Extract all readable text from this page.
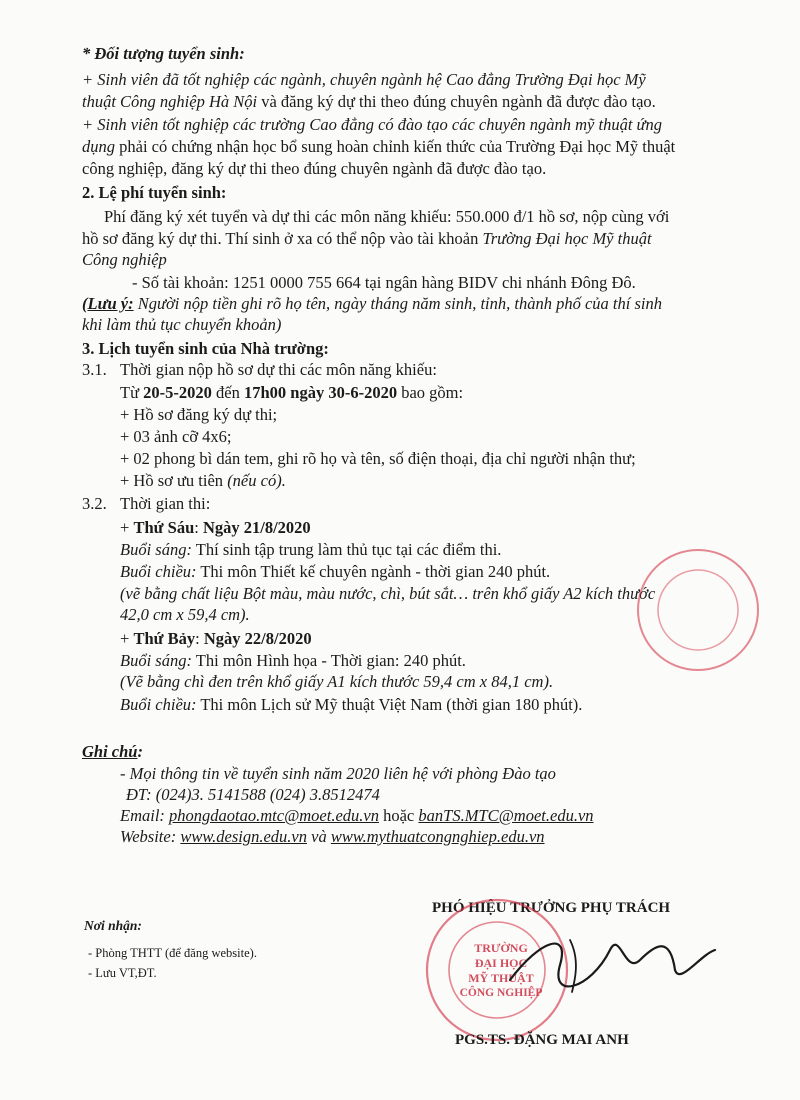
* Đối tượng tuyển sinh:
+ Sinh viên đã tốt nghiệp các ngành, chuyên ngành hệ Cao đẳng Trường Đại học Mỹ
thuật Công nghiệp Hà Nội và đăng ký dự thi theo đúng chuyên ngành đã được đào tạo.
+ Sinh viên tốt nghiệp các trường Cao đẳng có đào tạo các chuyên ngành mỹ thuật ứng
dụng phải có chứng nhận học bổ sung hoàn chỉnh kiến thức của Trường Đại học Mỹ thuật
công nghiệp, đăng ký dự thi theo đúng chuyên ngành đã được đào tạo.
2. Lệ phí tuyển sinh:
Phí đăng ký xét tuyển và dự thi các môn năng khiếu: 550.000 đ/1 hồ sơ, nộp cùng với
hồ sơ đăng ký dự thi. Thí sinh ở xa có thể nộp vào tài khoản Trường Đại học Mỹ thuật
Công nghiệp
- Số tài khoản: 1251 0000 755 664 tại ngân hàng BIDV chi nhánh Đông Đô.
(Lưu ý: Người nộp tiền ghi rõ họ tên, ngày tháng năm sinh, tỉnh, thành phố của thí sinh
khi làm thủ tục chuyển khoản)
3. Lịch tuyển sinh của Nhà trường:
3.1. Thời gian nộp hồ sơ dự thi các môn năng khiếu:
Từ 20-5-2020 đến 17h00 ngày 30-6-2020 bao gồm:
+ Hồ sơ đăng ký dự thi;
+ 03 ảnh cỡ 4x6;
+ 02 phong bì dán tem, ghi rõ họ và tên, số điện thoại, địa chỉ người nhận thư;
+ Hồ sơ ưu tiên (nếu có).
3.2. Thời gian thi:
+ Thứ Sáu: Ngày 21/8/2020
Buổi sáng: Thí sinh tập trung làm thủ tục tại các điểm thi.
Buổi chiều: Thi môn Thiết kế chuyên ngành - thời gian 240 phút.
(vẽ bằng chất liệu Bột màu, màu nước, chì, bút sắt… trên khổ giấy A2 kích thước
42,0 cm x 59,4 cm).
+ Thứ Bảy: Ngày 22/8/2020
Buổi sáng: Thi môn Hình họa - Thời gian: 240 phút.
(Vẽ bằng chì đen trên khổ giấy A1 kích thước 59,4 cm x 84,1 cm).
Buổi chiều: Thi môn Lịch sử Mỹ thuật Việt Nam (thời gian 180 phút).
Ghi chú:
- Mọi thông tin về tuyển sinh năm 2020 liên hệ với phòng Đào tạo
ĐT: (024)3. 5141588 (024) 3.8512474
Email: phongdaotao.mtc@moet.edu.vn hoặc banTS.MTC@moet.edu.vn
Website: www.design.edu.vn và www.mythuatcongnghiep.edu.vn
Nơi nhận:
- Phòng THTT (để đăng website).
- Lưu VT,ĐT.
PHÓ HIỆU TRƯỞNG PHỤ TRÁCH
TRƯỜNG
ĐẠI HỌC
MỸ THUẬT
CÔNG NGHIỆP
PGS.TS. ĐẶNG MAI ANH
